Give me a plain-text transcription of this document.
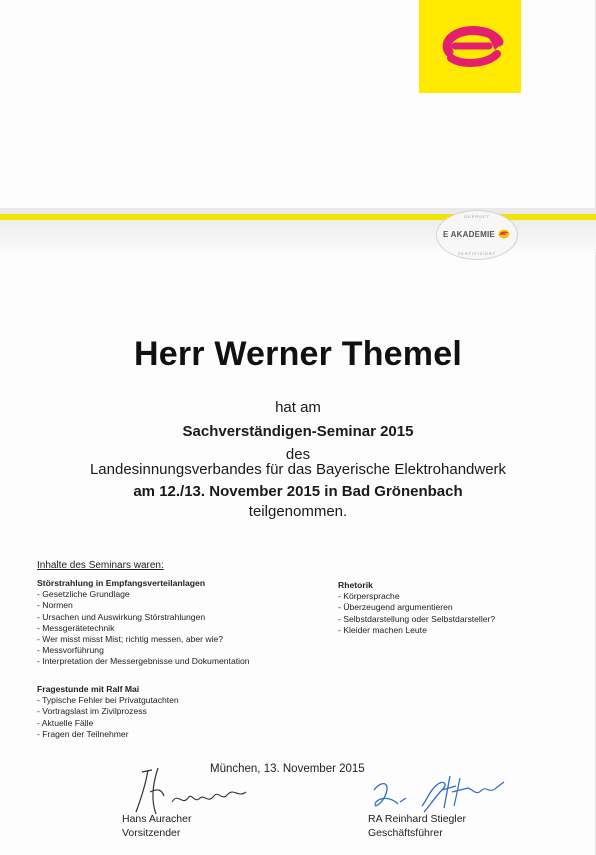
GEPRÜFT
E AKADEMIE
ZERTIFIZIERT
Herr Werner Themel
hat am
Sachverständigen-Seminar 2015
des
Landesinnungsverbandes für das Bayerische Elektrohandwerk
am 12./13. November 2015 in Bad Grönenbach
teilgenommen.
Inhalte des Seminars waren:
Störstrahlung in Empfangsverteilanlagen
- Gesetzliche Grundlage
- Normen
- Ursachen und Auswirkung Störstrahlungen
- Messgerätetechnik
- Wer misst misst Mist; richtig messen, aber wie?
- Messvorführung
- Interpretation der Messergebnisse und Dokumentation
Fragestunde mit Ralf Mai
- Typische Fehler bei Privatgutachten
- Vortragslast im Zivilprozess
- Aktuelle Fälle
- Fragen der Teilnehmer
Rhetorik
- Körpersprache
- Überzeugend argumentieren
- Selbstdarstellung oder Selbstdarsteller?
- Kleider machen Leute
München, 13. November 2015
Hans Auracher
Vorsitzender
RA Reinhard Stiegler
Geschäftsführer
